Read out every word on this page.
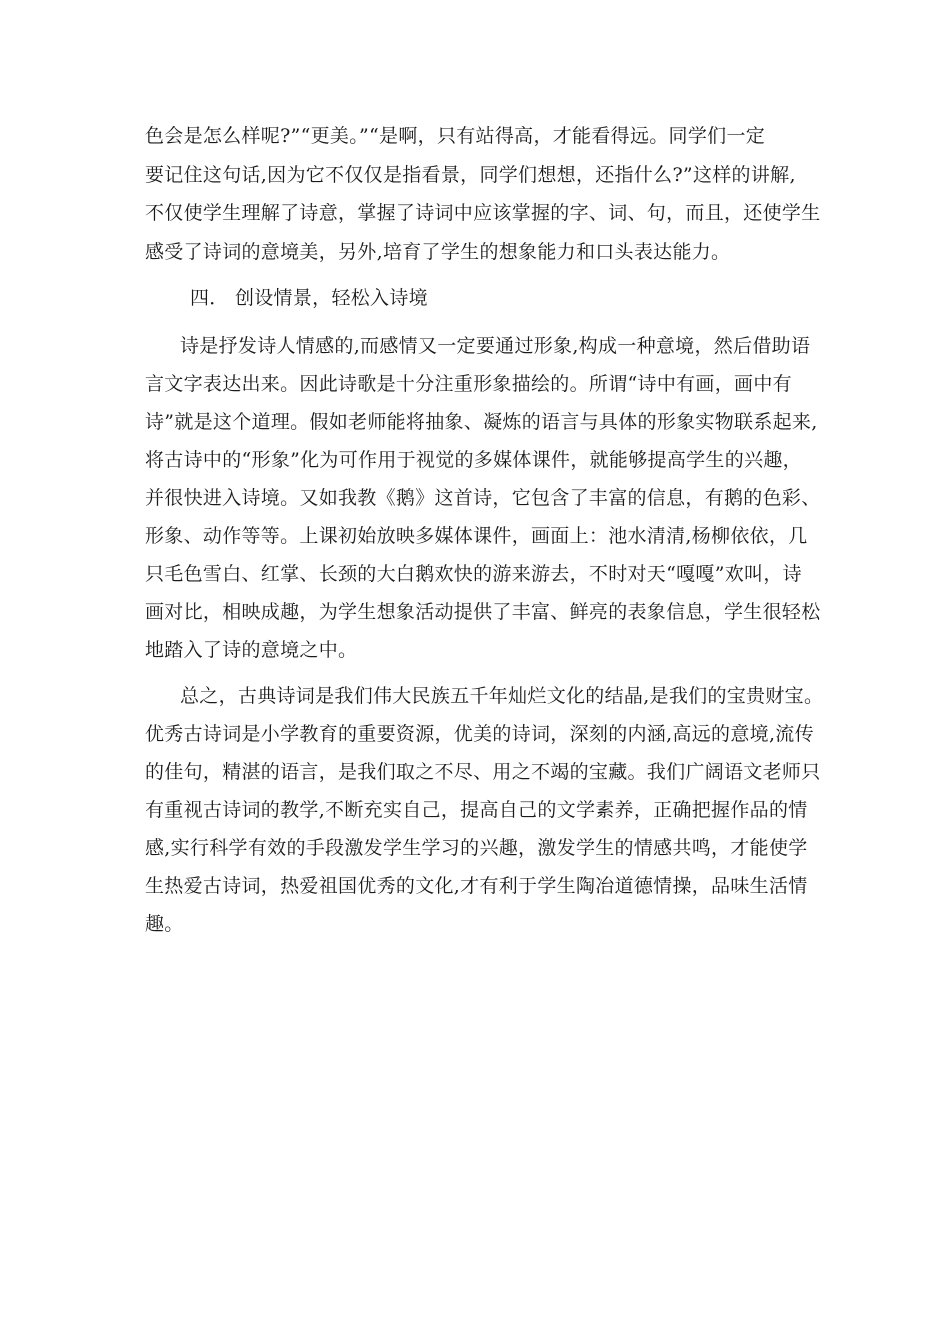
色会是怎么样呢?”“更美。”“是啊，只有站得高，才能看得远。同学们一定
要记住这句话,因为它不仅仅是指看景，同学们想想，还指什么?”这样的讲解,
不仅使学生理解了诗意，掌握了诗词中应该掌握的字、词、句，而且，还使学生
感受了诗词的意境美，另外,培育了学生的想象能力和口头表达能力。
四． 创设情景，轻松入诗境
诗是抒发诗人情感的,而感情又一定要通过形象,构成一种意境，然后借助语
言文字表达出来。因此诗歌是十分注重形象描绘的。所谓“诗中有画，画中有
诗”就是这个道理。假如老师能将抽象、凝炼的语言与具体的形象实物联系起来,
将古诗中的“形象”化为可作用于视觉的多媒体课件，就能够提高学生的兴趣，
并很快进入诗境。又如我教《鹅》这首诗，它包含了丰富的信息，有鹅的色彩、
形象、动作等等。上课初始放映多媒体课件，画面上：池水清清,杨柳依依，几
只毛色雪白、红掌、长颈的大白鹅欢快的游来游去，不时对天“嘎嘎”欢叫，诗
画对比，相映成趣，为学生想象活动提供了丰富、鲜亮的表象信息，学生很轻松
地踏入了诗的意境之中。
总之，古典诗词是我们伟大民族五千年灿烂文化的结晶,是我们的宝贵财宝。
优秀古诗词是小学教育的重要资源，优美的诗词，深刻的内涵,高远的意境,流传
的佳句，精湛的语言，是我们取之不尽、用之不竭的宝藏。我们广阔语文老师只
有重视古诗词的教学,不断充实自己，提高自己的文学素养，正确把握作品的情
感,实行科学有效的手段激发学生学习的兴趣，激发学生的情感共鸣，才能使学
生热爱古诗词，热爱祖国优秀的文化,才有利于学生陶冶道德情操，品味生活情
趣。
